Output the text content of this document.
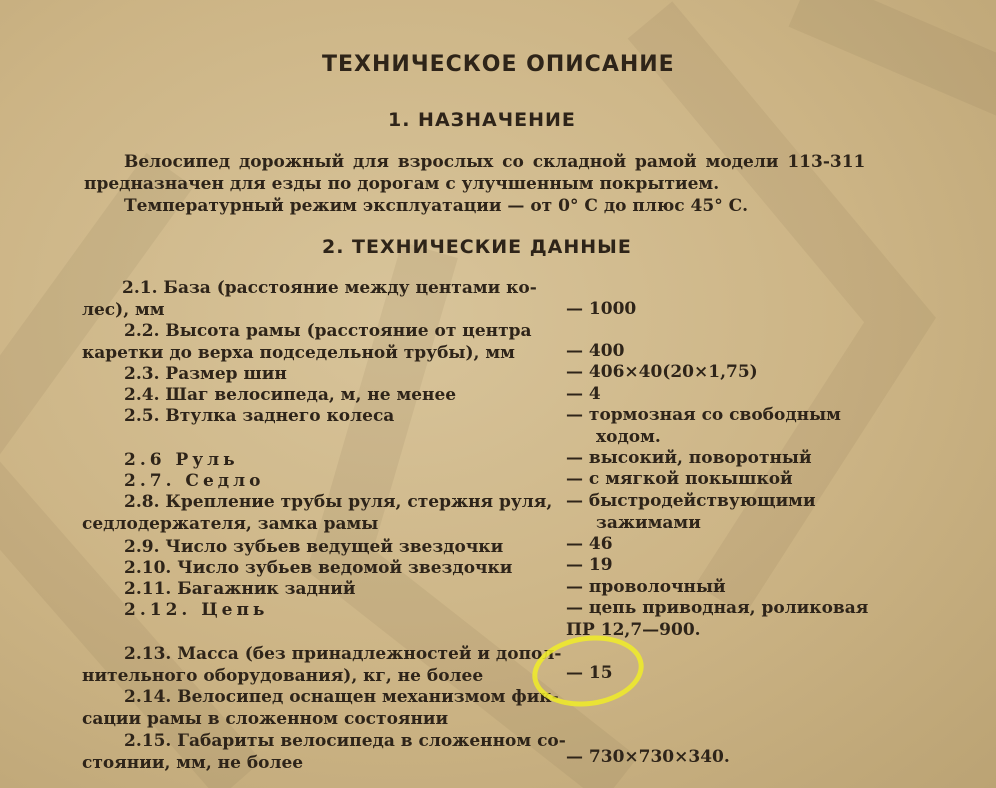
ТЕХНИЧЕСКОЕ ОПИСАНИЕ
1. НАЗНАЧЕНИЕ
Велосипед дорожный для взрослых со складной рамой модели 113-311
предназначен для езды по дорогам с улучшенным покрытием.
Температурный режим эксплуатации — от 0° С до плюс 45° С.
2. ТЕХНИЧЕСКИЕ ДАННЫЕ
2.1. База (расстояние между центами ко-
лес), мм	— 1000
2.2. Высота рамы (расстояние от центра
каретки до верха подседельной трубы), мм	— 400
2.3. Размер шин	— 406×40(20×1,75)
2.4. Шаг велосипеда, м, не менее	— 4
2.5. Втулка заднего колеса	— тормозная со свободным
ходом.
2.6 Руль	— высокий, поворотный
2.7. Седло	— с мягкой покышкой
2.8. Крепление трубы руля, стержня руля,
седлодержателя, замка рамы
— быстродействующими
зажимами
2.9. Число зубьев ведущей звездочки	— 46
2.10. Число зубьев ведомой звездочки	— 19
2.11. Багажник задний	— проволочный
2.12. Цепь	— цепь приводная, роликовая
ПР 12,7—900.
2.13. Масса (без принадлежностей и допол-
нительного оборудования), кг, не более	— 15
2.14. Велосипед оснащен механизмом фик-
сации рамы в сложенном состоянии
2.15. Габариты велосипеда в сложенном со-
стоянии, мм, не более	— 730×730×340.
